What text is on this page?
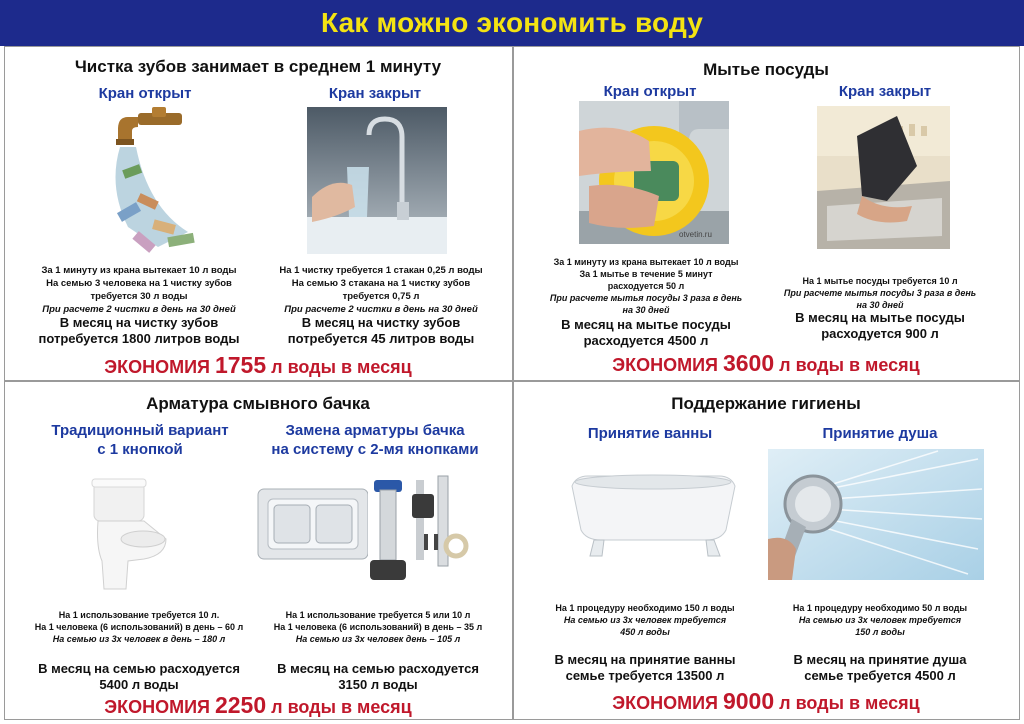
Как можно экономить воду
Чистка зубов занимает в среднем 1 минуту
Кран открыт	Кран закрыт
За 1 минуту из крана вытекает 10 л воды
На семью 3 человека на 1 чистку зубов
требуется 30 л воды
При расчете 2 чистки в день на 30 дней
На 1 чистку требуется 1 стакан 0,25 л воды
На семью 3 стакана на 1 чистку зубов
требуется 0,75 л
При расчете 2 чистки в день на 30 дней
В месяц на чистку зубов
потребуется 1800 литров воды
В месяц на чистку зубов
потребуется 45 литров воды
ЭКОНОМИЯ 1755 л воды в месяц
Мытье посуды
Кран открыт	Кран закрыт
otvetin.ru
За 1 минуту из крана вытекает 10 л воды
За 1 мытье в течение 5 минут
расходуется 50 л
При расчете мытья посуды 3 раза в день
на 30 дней
На 1 мытье посуды требуется 10 л
При расчете мытья посуды 3 раза в день
на 30 дней
В месяц на мытье посуды
расходуется 4500 л
В месяц на мытье посуды
расходуется 900 л
ЭКОНОМИЯ 3600 л воды в месяц
Арматура смывного бачка
Традиционный вариант
с 1 кнопкой
Замена арматуры бачка
на систему с 2-мя кнопками
На 1 использование требуется 10 л.
На 1 человека (6 использований) в день – 60 л
На семью из 3х человек в день – 180 л
На 1 использование требуется 5 или 10 л
На 1 человека (6 использований) в день – 35 л
На семью из 3х человек день – 105 л
В месяц на семью расходуется
5400 л воды
В месяц на семью расходуется
3150 л воды
ЭКОНОМИЯ 2250 л воды в месяц
Поддержание гигиены
Принятие ванны	Принятие душа
На 1 процедуру необходимо 150 л воды
На семью из 3х человек требуется
450 л воды
На 1 процедуру необходимо 50 л воды
На семью из 3х человек требуется
150 л воды
В месяц на принятие ванны
семье требуется 13500 л
В месяц на принятие душа
семье требуется 4500 л
ЭКОНОМИЯ 9000 л воды в месяц
